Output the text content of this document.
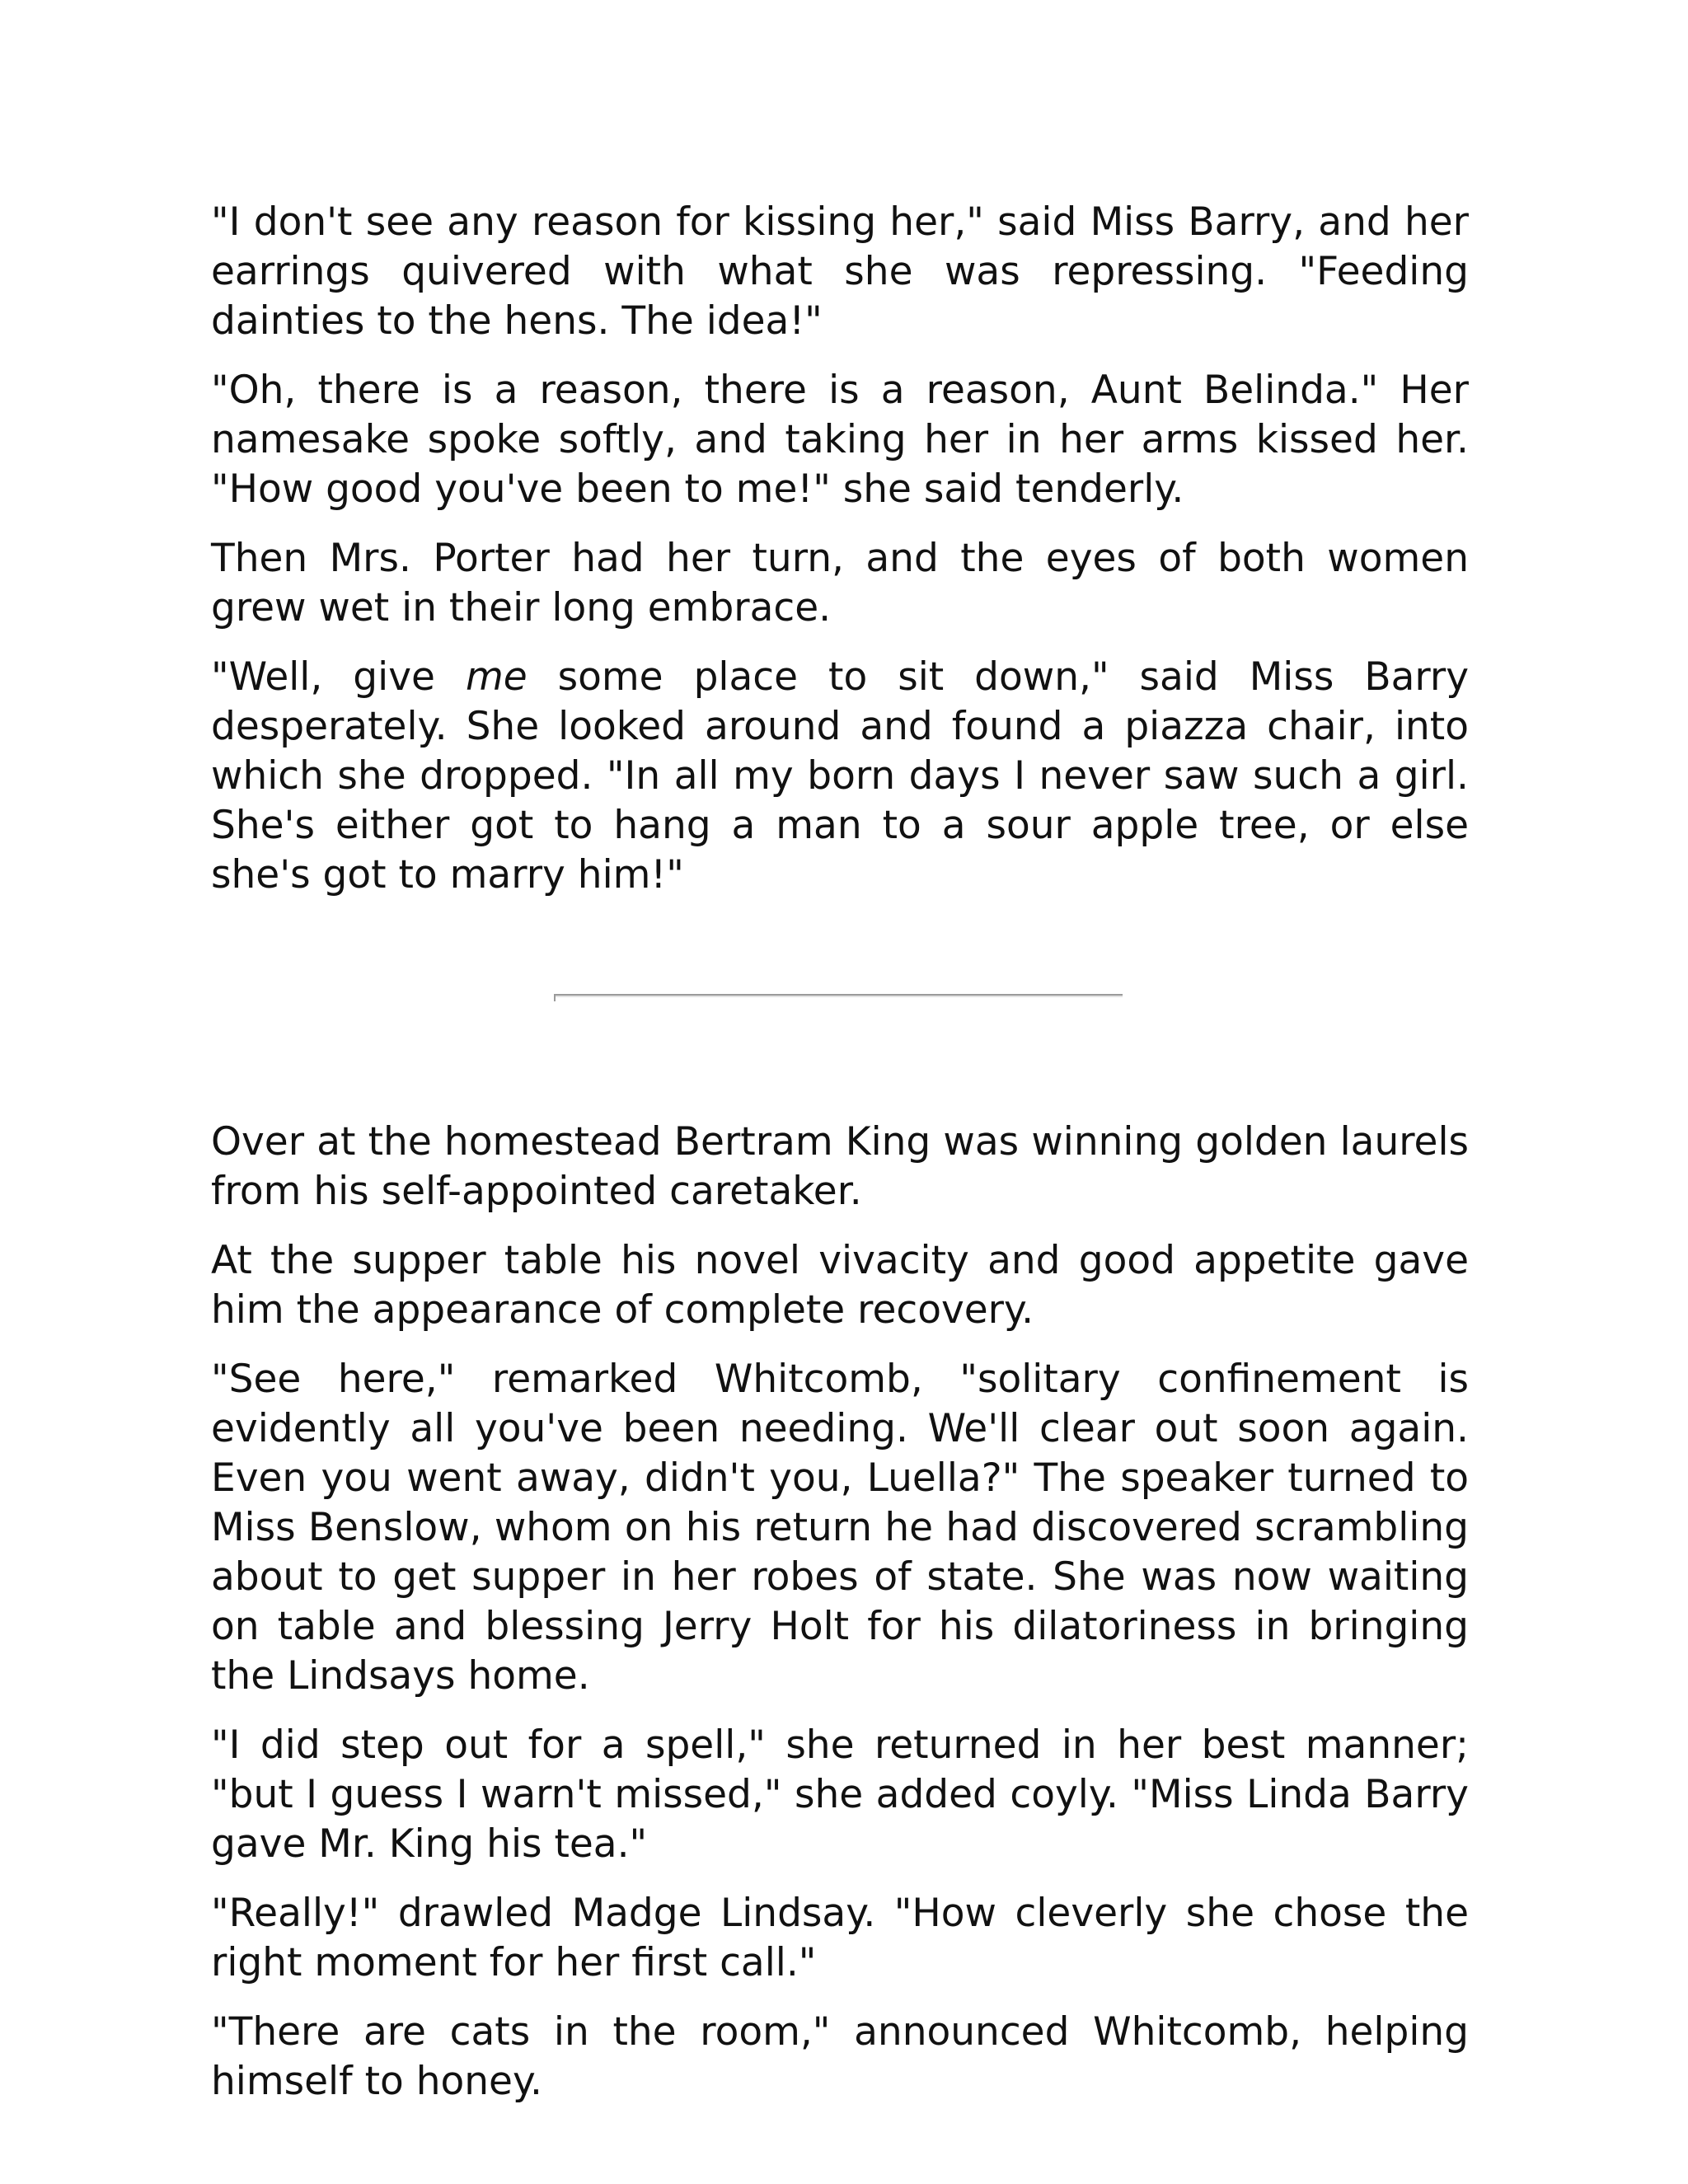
"I don't see any reason for kissing her," said Miss Barry, and her earrings quivered with what she was repressing. "Feeding dainties to the hens. The idea!"

"Oh, there is a reason, there is a reason, Aunt Belinda." Her namesake spoke softly, and taking her in her arms kissed her. "How good you've been to me!" she said tenderly.

Then Mrs. Porter had her turn, and the eyes of both women grew wet in their long embrace.

"Well, give me some place to sit down," said Miss Barry desperately. She looked around and found a piazza chair, into which she dropped. "In all my born days I never saw such a girl. She's either got to hang a man to a sour apple tree, or else she's got to marry him!"

Over at the homestead Bertram King was winning golden laurels from his self-appointed caretaker.

At the supper table his novel vivacity and good appetite gave him the appearance of complete recovery.

"See here," remarked Whitcomb, "solitary confinement is evidently all you've been needing. We'll clear out soon again. Even you went away, didn't you, Luella?" The speaker turned to Miss Benslow, whom on his return he had discovered scrambling about to get supper in her robes of state. She was now waiting on table and blessing Jerry Holt for his dilatoriness in bringing the Lindsays home.

"I did step out for a spell," she returned in her best manner; "but I guess I warn't missed," she added coyly. "Miss Linda Barry gave Mr. King his tea."

"Really!" drawled Madge Lindsay. "How cleverly she chose the right moment for her first call."

"There are cats in the room," announced Whitcomb, helping himself to honey.
